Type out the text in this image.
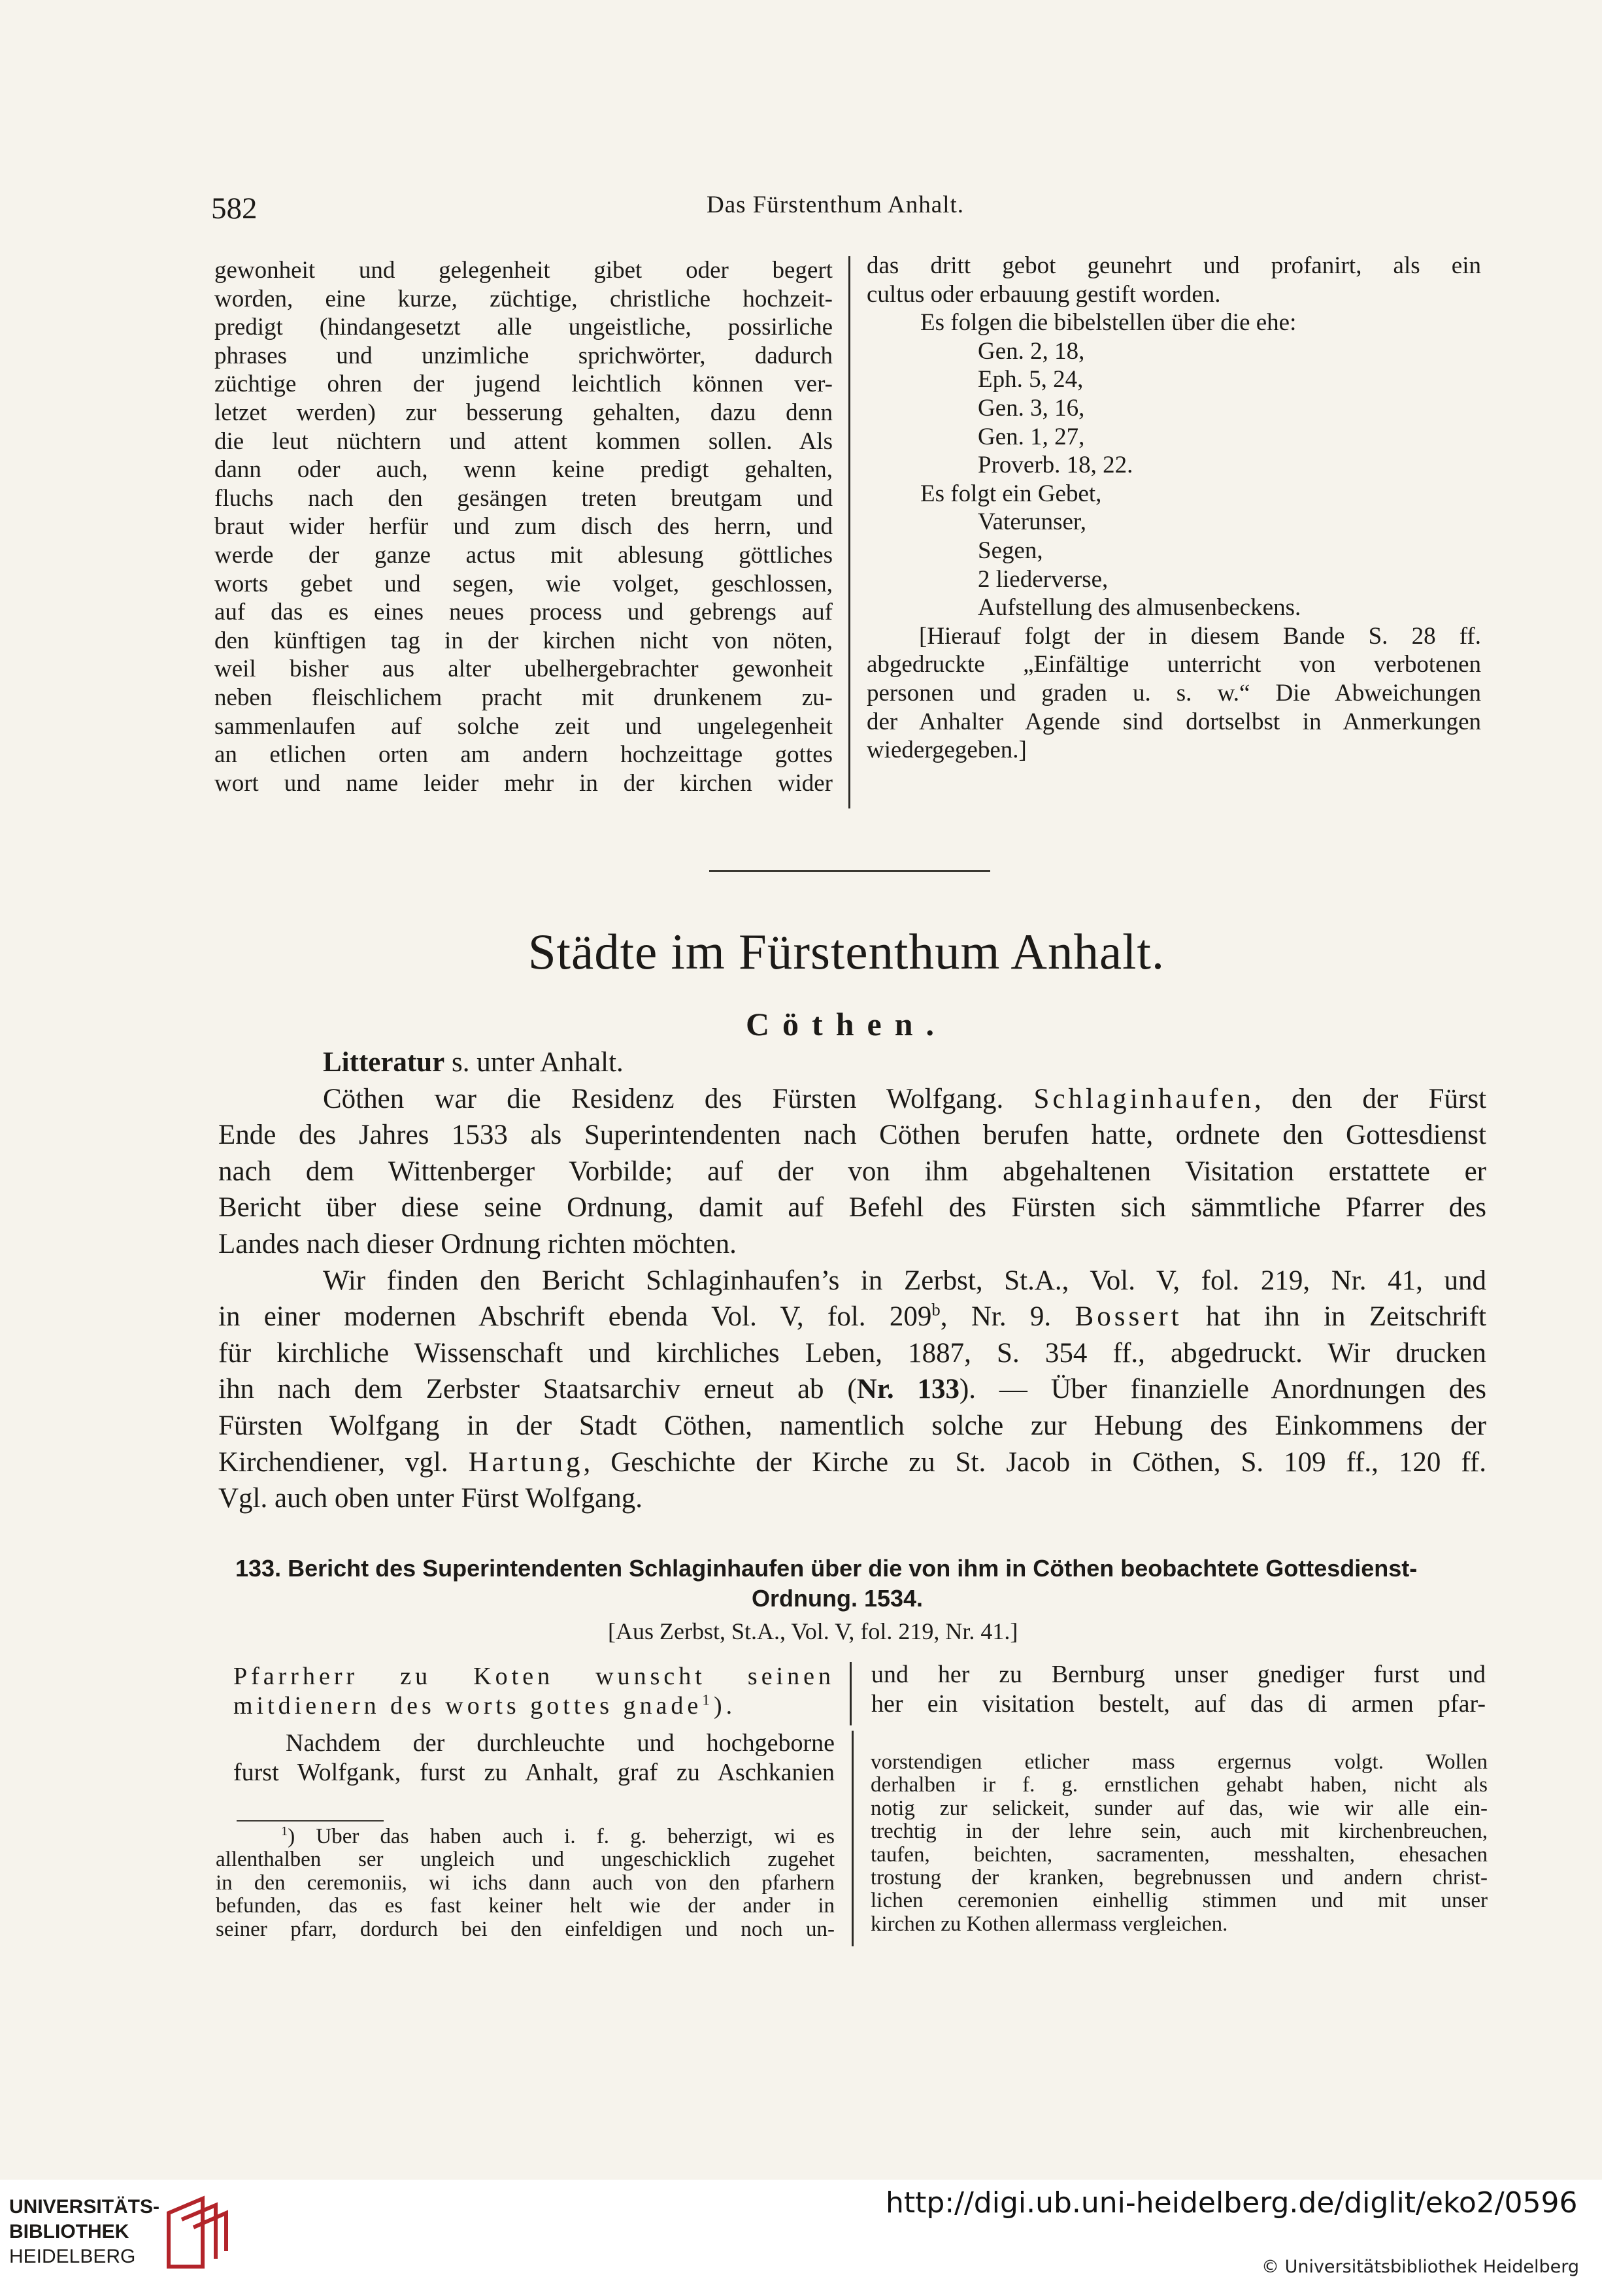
582	Das Fürstenthum Anhalt.
gewonheit und gelegenheit gibet oder begert
worden, eine kurze, züchtige, christliche hochzeit-
predigt (hindangesetzt alle ungeistliche, possirliche
phrases und unzimliche sprichwörter, dadurch
züchtige ohren der jugend leichtlich können ver-
letzet werden) zur besserung gehalten, dazu denn
die leut nüchtern und attent kommen sollen. Als
dann oder auch, wenn keine predigt gehalten,
fluchs nach den gesängen treten breutgam und
braut wider herfür und zum disch des herrn, und
werde der ganze actus mit ablesung göttliches
worts gebet und segen, wie volget, geschlossen,
auf das es eines neues process und gebrengs auf
den künftigen tag in der kirchen nicht von nöten,
weil bisher aus alter ubelhergebrachter gewonheit
neben fleischlichem pracht mit drunkenem zu-
sammenlaufen auf solche zeit und ungelegenheit
an etlichen orten am andern hochzeittage gottes
wort und name leider mehr in der kirchen wider
das dritt gebot geunehrt und profanirt, als ein
cultus oder erbauung gestift worden.
Es folgen die bibelstellen über die ehe:
Gen. 2, 18,
Eph. 5, 24,
Gen. 3, 16,
Gen. 1, 27,
Proverb. 18, 22.
Es folgt ein Gebet,
Vaterunser,
Segen,
2 liederverse,
Aufstellung des almusenbeckens.
[Hierauf folgt der in diesem Bande S. 28 ff.
abgedruckte „Einfältige unterricht von verbotenen
personen und graden u. s. w.“ Die Abweichungen
der Anhalter Agende sind dortselbst in Anmerkungen
wiedergegeben.]
Städte im Fürstenthum Anhalt.
Cöthen.
Litteratur s. unter Anhalt.
Cöthen war die Residenz des Fürsten Wolfgang. Schlaginhaufen, den der Fürst
Ende des Jahres 1533 als Superintendenten nach Cöthen berufen hatte, ordnete den Gottesdienst
nach dem Wittenberger Vorbilde; auf der von ihm abgehaltenen Visitation erstattete er
Bericht über diese seine Ordnung, damit auf Befehl des Fürsten sich sämmtliche Pfarrer des
Landes nach dieser Ordnung richten möchten.
Wir finden den Bericht Schlaginhaufen’s in Zerbst, St.A., Vol. V, fol. 219, Nr. 41, und
in einer modernen Abschrift ebenda Vol. V, fol. 209$^b$, Nr. 9. Bossert hat ihn in Zeitschrift
für kirchliche Wissenschaft und kirchliches Leben, 1887, S. 354 ff., abgedruckt. Wir drucken
ihn nach dem Zerbster Staatsarchiv erneut ab (Nr. 133). — Über finanzielle Anordnungen des
Fürsten Wolfgang in der Stadt Cöthen, namentlich solche zur Hebung des Einkommens der
Kirchendiener, vgl. Hartung, Geschichte der Kirche zu St. Jacob in Cöthen, S. 109 ff., 120 ff.
Vgl. auch oben unter Fürst Wolfgang.
133. Bericht des Superintendenten Schlaginhaufen über die von ihm in Cöthen beobachtete Gottesdienst-
Ordnung. 1534.
[Aus Zerbst, St.A., Vol. V, fol. 219, Nr. 41.]
Pfarrherr zu Koten wunscht seinen
mitdienern des worts gottes gnade$^1$).
Nachdem der durchleuchte und hochgeborne
furst Wolfgank, furst zu Anhalt, graf zu Aschkanien
und her zu Bernburg unser gnediger furst und
her ein visitation bestelt, auf das di armen pfar-
$^1$) Uber das haben auch i. f. g. beherzigt, wi es
allenthalben ser ungleich und ungeschicklich zugehet
in den ceremoniis, wi ichs dann auch von den pfarhern
befunden, das es fast keiner helt wie der ander in
seiner pfarr, dordurch bei den einfeldigen und noch un-
vorstendigen etlicher mass ergernus volgt. Wollen
derhalben ir f. g. ernstlichen gehabt haben, nicht als
notig zur selickeit, sunder auf das, wie wir alle ein-
trechtig in der lehre sein, auch mit kirchenbreuchen,
taufen, beichten, sacramenten, messhalten, ehesachen
trostung der kranken, begrebnussen und andern christ-
lichen ceremonien einhellig stimmen und mit unser
kirchen zu Kothen allermass vergleichen.
UNIVERSITÄTS-
BIBLIOTHEK
HEIDELBERG
http://digi.ub.uni-heidelberg.de/diglit/eko2/0596
© Universitätsbibliothek Heidelberg
